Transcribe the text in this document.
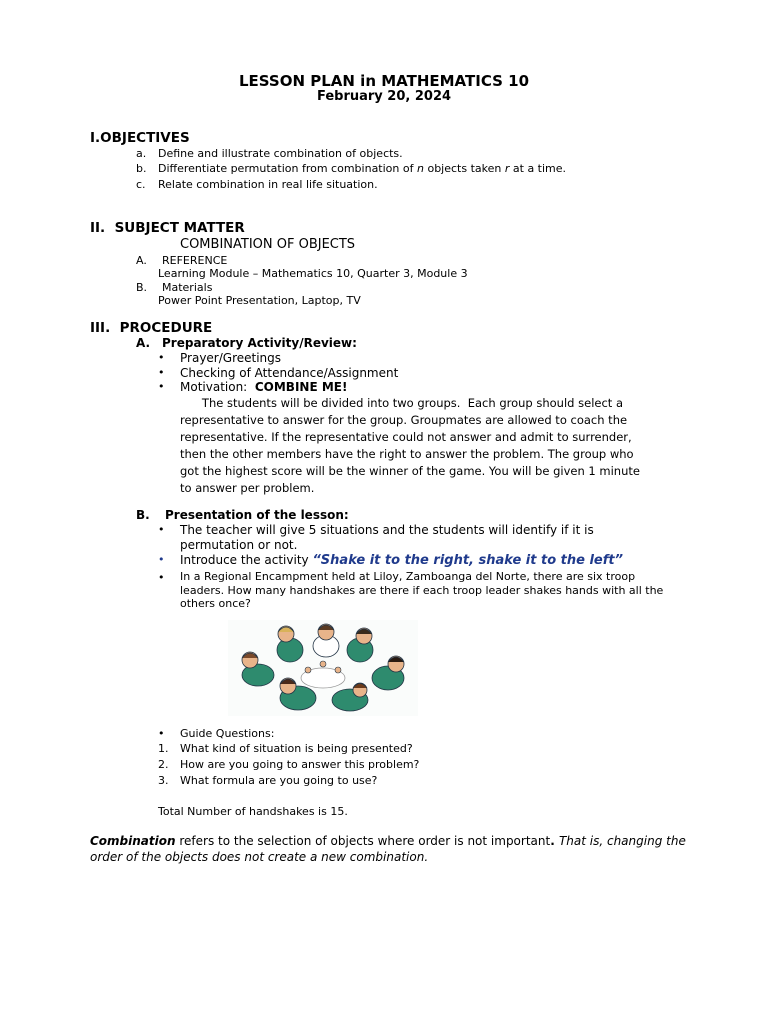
LESSON PLAN in MATHEMATICS 10
February 20, 2024
I.OBJECTIVES
a. Define and illustrate combination of objects.
b. Differentiate permutation from combination of n objects taken r at a time.
c. Relate combination in real life situation.
II.  SUBJECT MATTER
COMBINATION OF OBJECTS
A. REFERENCE
Learning Module – Mathematics 10, Quarter 3, Module 3
B. Materials
Power Point Presentation, Laptop, TV
III.  PROCEDURE
A. Preparatory Activity/Review:
• Prayer/Greetings
• Checking of Attendance/Assignment
• Motivation:  COMBINE ME!
The students will be divided into two groups.  Each group should select a
representative to answer for the group. Groupmates are allowed to coach the
representative. If the representative could not answer and admit to surrender,
then the other members have the right to answer the problem. The group who
got the highest score will be the winner of the game. You will be given 1 minute
to answer per problem.
B. Presentation of the lesson:
• The teacher will give 5 situations and the students will identify if it is
permutation or not.
• Introduce the activity “Shake it to the right, shake it to the left”
• In a Regional Encampment held at Liloy, Zamboanga del Norte, there are six troop
leaders. How many handshakes are there if each troop leader shakes hands with all the
others once?
• Guide Questions:
1. What kind of situation is being presented?
2. How are you going to answer this problem?
3. What formula are you going to use?
Total Number of handshakes is 15.
Combination refers to the selection of objects where order is not important. That is, changing the order of the objects does not create a new combination.
